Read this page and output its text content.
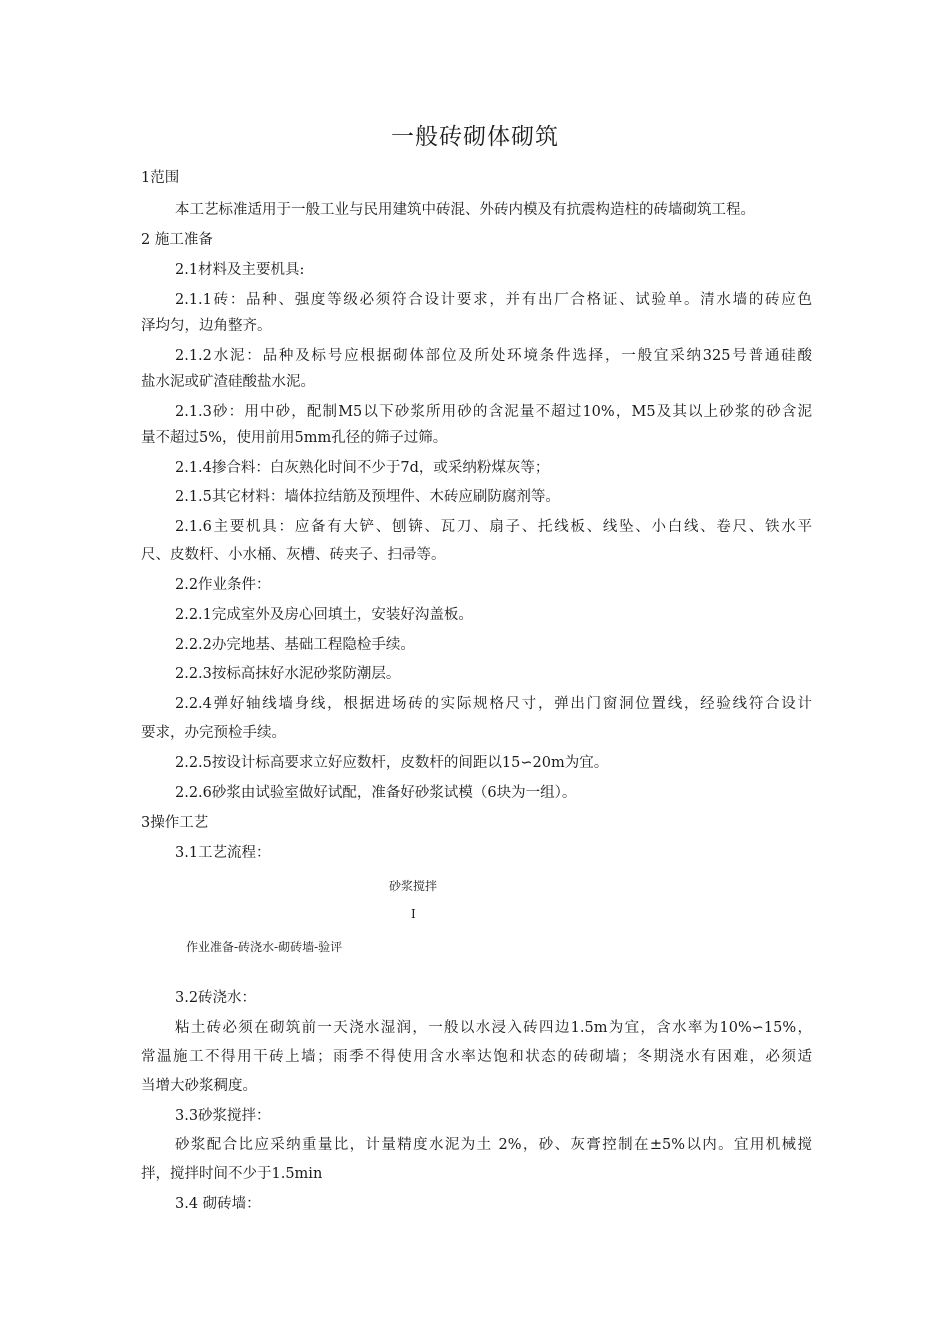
一般砖砌体砌筑
1范围
本工艺标准适用于一般工业与民用建筑中砖混、外砖内模及有抗震构造柱的砖墙砌筑工程。
2 施工准备
2.1材料及主要机具:
2.1.1砖：品种、强度等级必须符合设计要求，并有出厂合格证、试验单。清水墙的砖应色
泽均匀，边角整齐。
2.1.2水泥：品种及标号应根据砌体部位及所处环境条件选择，一般宜采纳325号普通硅酸
盐水泥或矿渣硅酸盐水泥。
2.1.3砂：用中砂，配制M5以下砂浆所用砂的含泥量不超过10%，M5及其以上砂浆的砂含泥
量不超过5%，使用前用5mm孔径的筛子过筛。
2.1.4掺合料：白灰熟化时间不少于7d，或采纳粉煤灰等；
2.1.5其它材料：墙体拉结筋及预埋件、木砖应刷防腐剂等。
2.1.6主要机具：应备有大铲、刨锛、瓦刀、扇子、托线板、线坠、小白线、卷尺、铁水平
尺、皮数杆、小水桶、灰槽、砖夹子、扫帚等。
2.2作业条件：
2.2.1完成室外及房心回填土，安装好沟盖板。
2.2.2办完地基、基础工程隐检手续。
2.2.3按标高抹好水泥砂浆防潮层。
2.2.4弹好轴线墙身线，根据进场砖的实际规格尺寸，弹出门窗洞位置线，经验线符合设计
要求，办完预检手续。
2.2.5按设计标高要求立好应数杆，皮数杆的间距以15∽20m为宜。
2.2.6砂浆由试验室做好试配，准备好砂浆试模（6块为一组）。
3操作工艺
3.1工艺流程：
砂浆搅拌
I
作业准备-砖浇水-砌砖墙-验评
3.2砖浇水：
粘土砖必须在砌筑前一天浇水湿润，一般以水浸入砖四边1.5m为宜，含水率为10%∽15%，
常温施工不得用干砖上墙；雨季不得使用含水率达饱和状态的砖砌墙；冬期浇水有困难，必须适
当增大砂浆稠度。
3.3砂浆搅拌：
砂浆配合比应采纳重量比，计量精度水泥为土 2%，砂、灰膏控制在±5%以内。宜用机械搅
拌，搅拌时间不少于1.5min
3.4 砌砖墙：
